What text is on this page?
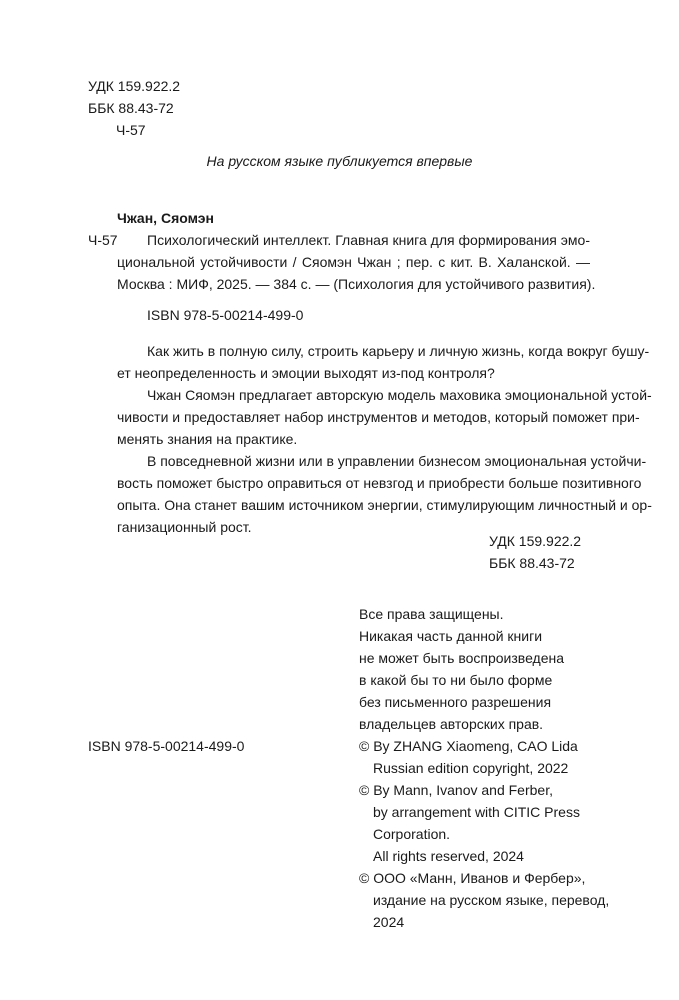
УДК 159.922.2
ББК 88.43-72
Ч-57
На русском языке публикуется впервые
Чжан, Сяомэн
Ч-57	Психологический интеллект. Главная книга для формирования эмо-
циональной устойчивости / Сяомэн Чжан ; пер. с кит. В. Халанской. —
Москва : МИФ, 2025. — 384 с. — (Психология для устойчивого развития).
ISBN 978-5-00214-499-0
Как жить в полную силу, строить карьеру и личную жизнь, когда вокруг бушу-
ет неопределенность и эмоции выходят из-под контроля?
Чжан Сяомэн предлагает авторскую модель маховика эмоциональной устой-
чивости и предоставляет набор инструментов и методов, который поможет при-
менять знания на практике.
В повседневной жизни или в управлении бизнесом эмоциональная устойчи-
вость поможет быстро оправиться от невзгод и приобрести больше позитивного
опыта. Она станет вашим источником энергии, стимулирующим личностный и ор-
ганизационный рост.
УДК 159.922.2
ББК 88.43-72
Все права защищены.
Никакая часть данной книги
не может быть воспроизведена
в какой бы то ни было форме
без письменного разрешения
владельцев авторских прав.
ISBN 978-5-00214-499-0	© By ZHANG Xiaomeng, CAO Lida
Russian edition copyright, 2022
© By Mann, Ivanov and Ferber,
by arrangement with CITIC Press
Corporation.
All rights reserved, 2024
© ООО «Манн, Иванов и Фербер»,
издание на русском языке, перевод,
2024
